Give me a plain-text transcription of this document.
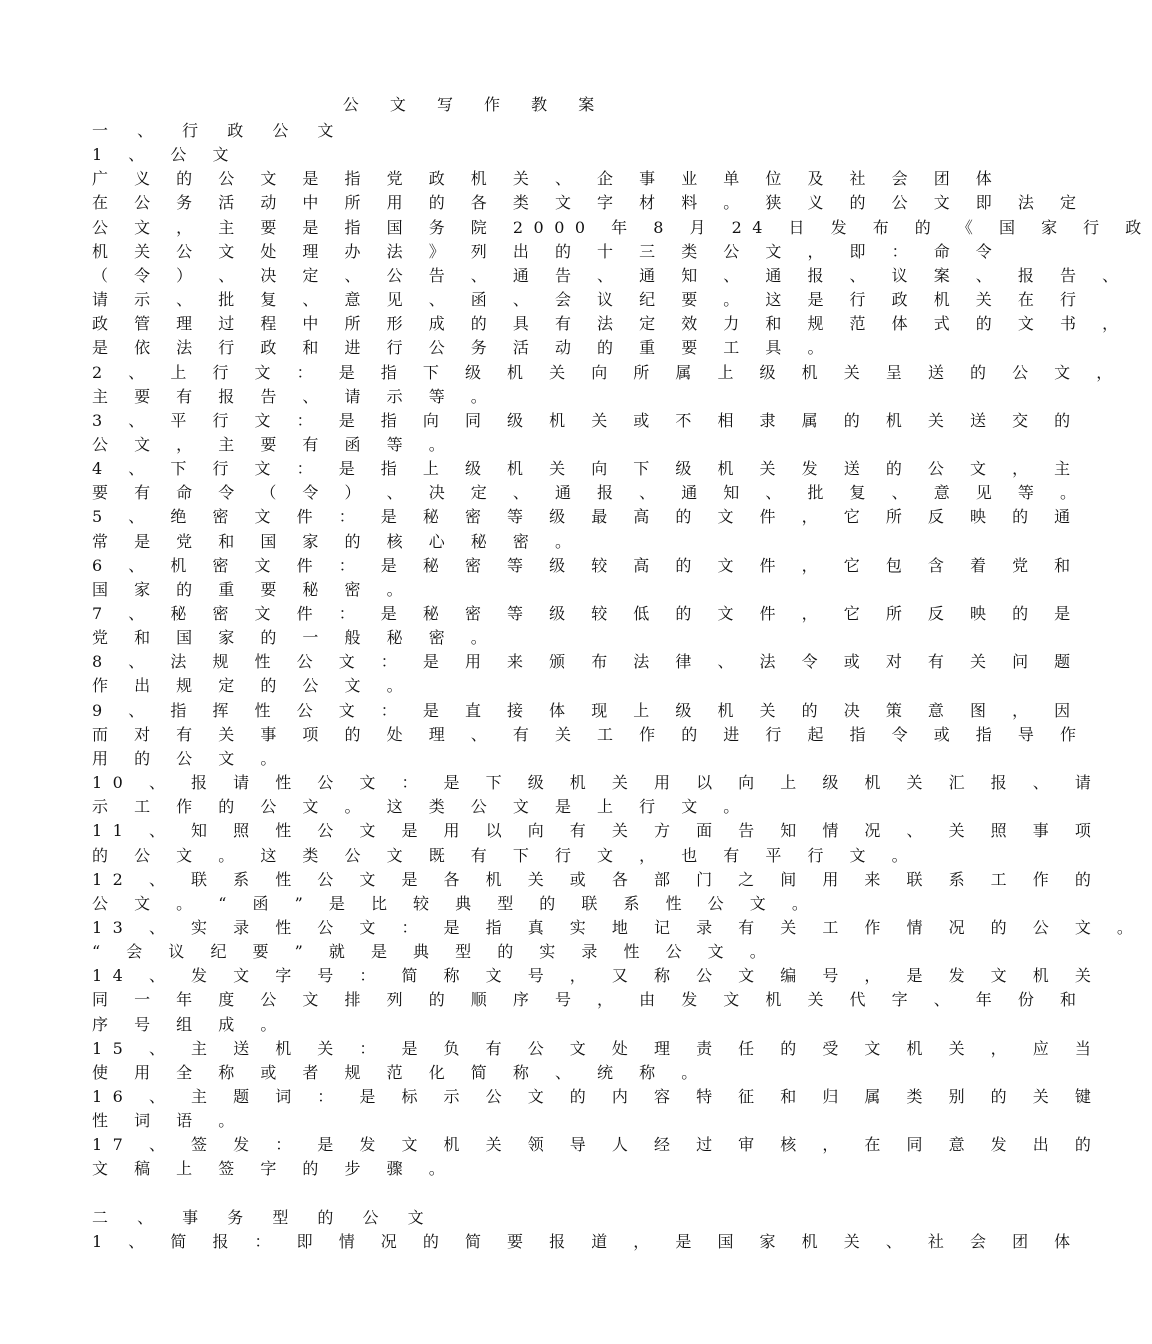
公 文 写 作 教 案
一 、 行 政 公 文
1 、 公 文
广 义 的 公 文 是 指 党 政 机 关 、 企 事 业 单 位 及 社 会 团 体
在 公 务 活 动 中 所 用 的 各 类 文 字 材 料 。 狭 义 的 公 文 即 法 定
公 文 ， 主 要 是 指 国 务 院 2000 年 8 月 24 日 发 布 的 《 国 家 行 政
机 关 公 文 处 理 办 法 》 列 出 的 十 三 类 公 文 ， 即 ： 命 令
（ 令 ） 、 决 定 、 公 告 、 通 告 、 通 知 、 通 报 、 议 案 、 报 告 、
请 示 、 批 复 、 意 见 、 函 、 会 议 纪 要 。 这 是 行 政 机 关 在 行
政 管 理 过 程 中 所 形 成 的 具 有 法 定 效 力 和 规 范 体 式 的 文 书 ，
是 依 法 行 政 和 进 行 公 务 活 动 的 重 要 工 具 。
2 、 上 行 文 ： 是 指 下 级 机 关 向 所 属 上 级 机 关 呈 送 的 公 文 ，
主 要 有 报 告 、 请 示 等 。
3 、 平 行 文 ： 是 指 向 同 级 机 关 或 不 相 隶 属 的 机 关 送 交 的
公 文 ， 主 要 有 函 等 。
4 、 下 行 文 ： 是 指 上 级 机 关 向 下 级 机 关 发 送 的 公 文 ， 主
要 有 命 令 （ 令 ） 、 决 定 、 通 报 、 通 知 、 批 复 、 意 见 等 。
5 、 绝 密 文 件 ： 是 秘 密 等 级 最 高 的 文 件 ， 它 所 反 映 的 通
常 是 党 和 国 家 的 核 心 秘 密 。
6 、 机 密 文 件 ： 是 秘 密 等 级 较 高 的 文 件 ， 它 包 含 着 党 和
国 家 的 重 要 秘 密 。
7 、 秘 密 文 件 ： 是 秘 密 等 级 较 低 的 文 件 ， 它 所 反 映 的 是
党 和 国 家 的 一 般 秘 密 。
8 、 法 规 性 公 文 ： 是 用 来 颁 布 法 律 、 法 令 或 对 有 关 问 题
作 出 规 定 的 公 文 。
9 、 指 挥 性 公 文 ： 是 直 接 体 现 上 级 机 关 的 决 策 意 图 ， 因
而 对 有 关 事 项 的 处 理 、 有 关 工 作 的 进 行 起 指 令 或 指 导 作
用 的 公 文 。
10 、 报 请 性 公 文 ： 是 下 级 机 关 用 以 向 上 级 机 关 汇 报 、 请
示 工 作 的 公 文 。 这 类 公 文 是 上 行 文 。
11 、 知 照 性 公 文 是 用 以 向 有 关 方 面 告 知 情 况 、 关 照 事 项
的 公 文 。 这 类 公 文 既 有 下 行 文 ， 也 有 平 行 文 。
12 、 联 系 性 公 文 是 各 机 关 或 各 部 门 之 间 用 来 联 系 工 作 的
公 文 。 “ 函 ” 是 比 较 典 型 的 联 系 性 公 文 。
13 、 实 录 性 公 文 ： 是 指 真 实 地 记 录 有 关 工 作 情 况 的 公 文 。
“ 会 议 纪 要 ” 就 是 典 型 的 实 录 性 公 文 。
14 、 发 文 字 号 ： 简 称 文 号 ， 又 称 公 文 编 号 ， 是 发 文 机 关
同 一 年 度 公 文 排 列 的 顺 序 号 ， 由 发 文 机 关 代 字 、 年 份 和
序 号 组 成 。
15 、 主 送 机 关 ： 是 负 有 公 文 处 理 责 任 的 受 文 机 关 ， 应 当
使 用 全 称 或 者 规 范 化 简 称 、 统 称 。
16 、 主 题 词 ： 是 标 示 公 文 的 内 容 特 征 和 归 属 类 别 的 关 键
性 词 语 。
17 、 签 发 ： 是 发 文 机 关 领 导 人 经 过 审 核 ， 在 同 意 发 出 的
文 稿 上 签 字 的 步 骤 。
二 、 事 务 型 的 公 文
1 、 简 报 ： 即 情 况 的 简 要 报 道 ， 是 国 家 机 关 、 社 会 团 体
